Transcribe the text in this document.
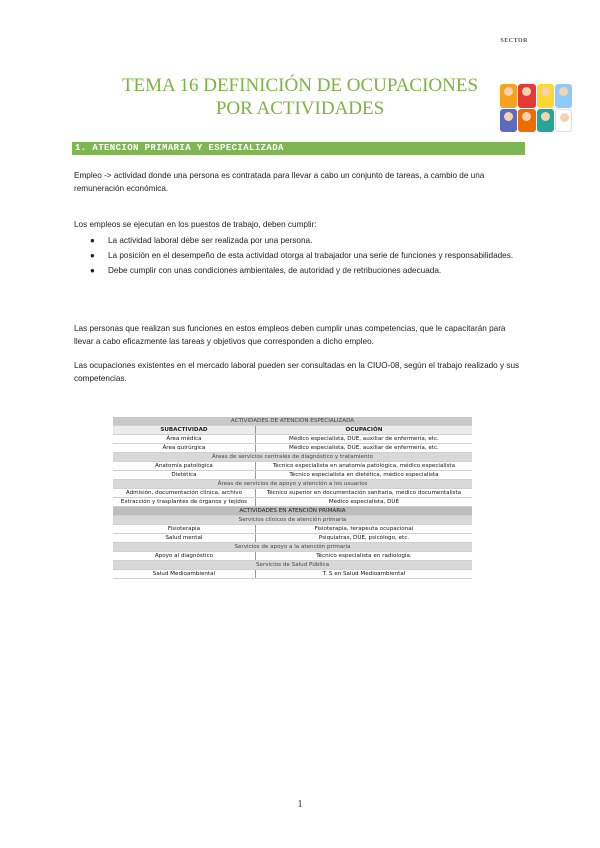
SECTOR
TEMA 16 DEFINICIÓN DE OCUPACIONES
POR ACTIVIDADES
1. ATENCION PRIMARIA Y ESPECIALIZADA
Empleo -> actividad donde una persona es contratada para llevar a cabo un conjunto de tareas, a cambio de una remuneración económica.
Los empleos se ejecutan en los puestos de trabajo, deben cumplir:
● La actividad laboral debe ser realizada por una persona.
● La posición en el desempeño de esta actividad otorga al trabajador una serie de funciones y responsabilidades.
● Debe cumplir con unas condiciones ambientales, de autoridad y de retribuciones adecuada.
Las personas que realizan sus funciones en estos empleos deben cumplir unas competencias, que le capacitarán para llevar a cabo eficazmente las tareas y objetivos que corresponden a dicho empleo.
Las ocupaciones existentes en el mercado laboral pueden ser consultadas en la CIUO-08, según el trabajo realizado y sus competencias.
ACTIVIDADES DE ATENCIÓN ESPECIALIZADA	
SUBACTIVIDAD	OCUPACIÓN
Área médica	Médico especialista, DUE, auxiliar de enfermería, etc.
Área quirúrgica	Médico especialista, DUE, auxiliar de enfermería, etc.
Áreas de servicios centrales de diagnóstico y tratamiento	
Anatomía patológica	Técnico especialista en anatomía patológica, médico especialista
Dietética	Técnico especialista en dietética, médico especialista
Áreas de servicios de apoyo y atención a los usuarios	
Admisión, documentación clínica, archivo	Técnico superior en documentación sanitaria, médico documentalista
Extracción y trasplantes de órganos y tejidos	Médico especialista, DUE
ACTIVIDADES EN ATENCIÓN PRIMARIA	
Servicios clínicos de atención primaria	
Fisioterapia	Fisioterapia, terapeuta ocupacional
Salud mental	Psiquiatras, DUE, psicólogo, etc.
Servicios de apoyo a la atención primaria	
Apoyo al diagnóstico	Técnico especialista en radiología.
Servicios de Salud Pública	
Salud Medioambiental	T. S en Salud Medioambiental
1
